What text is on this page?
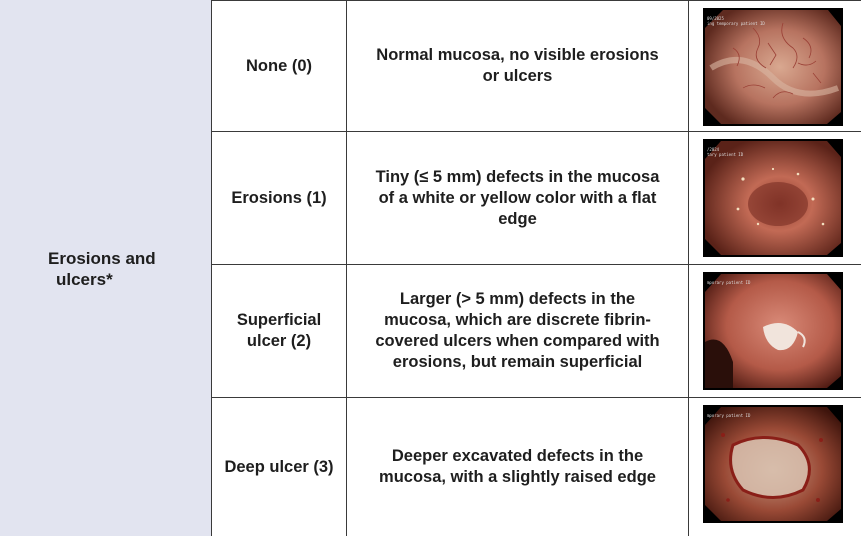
Erosions and
ulcers*
None (0)
Normal mucosa, no visible erosions or ulcers
09/2025
ing temporary patient ID
Erosions (1)
Tiny (≤ 5 mm) defects in the mucosa of a white or yellow color with a flat edge
/2024
tary patient ID
Superficial ulcer (2)
Larger (> 5 mm) defects in the mucosa, which are discrete fibrin-covered ulcers when compared with erosions, but remain superficial
mporary patient ID
Deep ulcer (3)
Deeper excavated defects in the mucosa, with a slightly raised edge
mporary patient ID
